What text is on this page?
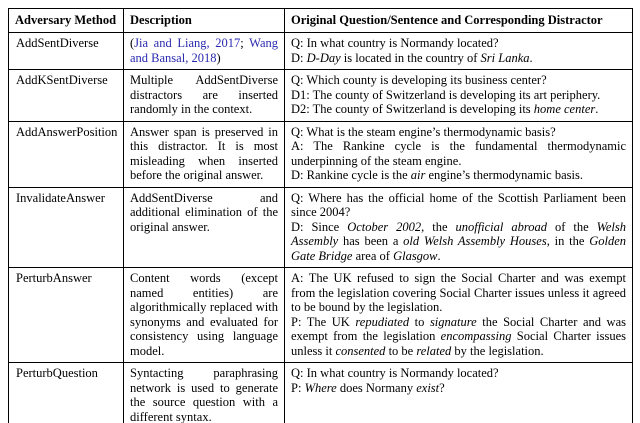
Adversary Method	Description	Original Question/Sentence and Corresponding Distractor
AddSentDiverse	(Jia and Liang, 2017; Wang and Bansal, 2018)	Q: In what country is Normandy located?
D: D-Day is located in the country of Sri Lanka.

AddKSentDiverse	Multiple AddSentDiverse distractors are inserted randomly in the context.	Q: Which county is developing its business center?
D1: The county of Switzerland is developing its art periphery.
D2: The county of Switzerland is developing its home center.

AddAnswerPosition	Answer span is preserved in this distractor. It is most misleading when inserted before the original answer.	Q: What is the steam engine’s thermodynamic basis?
A: The Rankine cycle is the fundamental thermodynamic underpinning of the steam engine.
D: Rankine cycle is the air engine’s thermodynamic basis.

InvalidateAnswer	AddSentDiverse and additional elimination of the original answer.	Q: Where has the official home of the Scottish Parliament been since 2004?
D: Since October 2002, the unofficial abroad of the Welsh Assembly has been a old Welsh Assembly Houses, in the Golden Gate Bridge area of Glasgow.

PerturbAnswer	Content words (except named entities) are algorithmically replaced with synonyms and evaluated for consistency using language model.	A: The UK refused to sign the Social Charter and was exempt from the legislation covering Social Charter issues unless it agreed to be bound by the legislation.
P: The UK repudiated to signature the Social Charter and was exempt from the legislation encompassing Social Charter issues unless it consented to be related by the legislation.

PerturbQuestion	Syntacting paraphrasing network is used to generate the source question with a different syntax.	Q: In what country is Normandy located?
P: Where does Normany exist?
